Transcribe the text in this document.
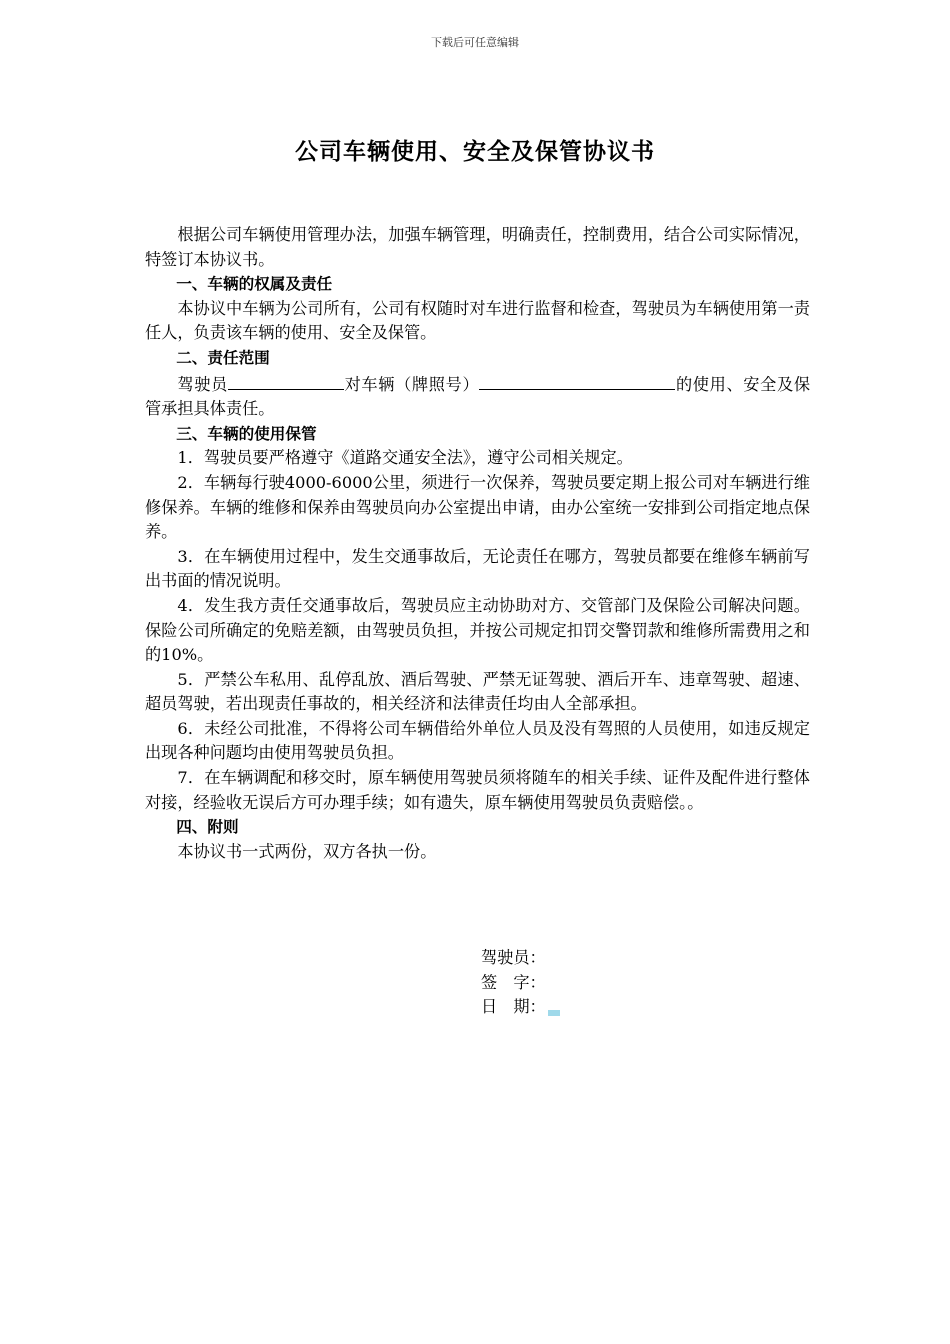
下载后可任意编辑
公司车辆使用、安全及保管协议书

根据公司车辆使用管理办法，加强车辆管理，明确责任，控制费用，结合公司实际情况，特签订本协议书。

一、车辆的权属及责任

本协议中车辆为公司所有，公司有权随时对车进行监督和检查，驾驶员为车辆使用第一责任人，负责该车辆的使用、安全及保管。

二、责任范围

驾驶员	对车辆（牌照号）	的使用、安全及保管承担具体责任。

三、车辆的使用保管

1．驾驶员要严格遵守《道路交通安全法》，遵守公司相关规定。

2．车辆每行驶4000-6000公里，须进行一次保养，驾驶员要定期上报公司对车辆进行维修保养。车辆的维修和保养由驾驶员向办公室提出申请，由办公室统一安排到公司指定地点保养。

3．在车辆使用过程中，发生交通事故后，无论责任在哪方，驾驶员都要在维修车辆前写出书面的情况说明。

4．发生我方责任交通事故后，驾驶员应主动协助对方、交管部门及保险公司解决问题。保险公司所确定的免赔差额，由驾驶员负担，并按公司规定扣罚交警罚款和维修所需费用之和的10%。

5．严禁公车私用、乱停乱放、酒后驾驶、严禁无证驾驶、酒后开车、违章驾驶、超速、超员驾驶，若出现责任事故的，相关经济和法律责任均由人全部承担。

6．未经公司批准，不得将公司车辆借给外单位人员及没有驾照的人员使用，如违反规定出现各种问题均由使用驾驶员负担。

7．在车辆调配和移交时，原车辆使用驾驶员须将随车的相关手续、证件及配件进行整体对接，经验收无误后方可办理手续；如有遗失，原车辆使用驾驶员负责赔偿。。

四、附则

本协议书一式两份，双方各执一份。

驾驶员：
签　字：
日　期：
